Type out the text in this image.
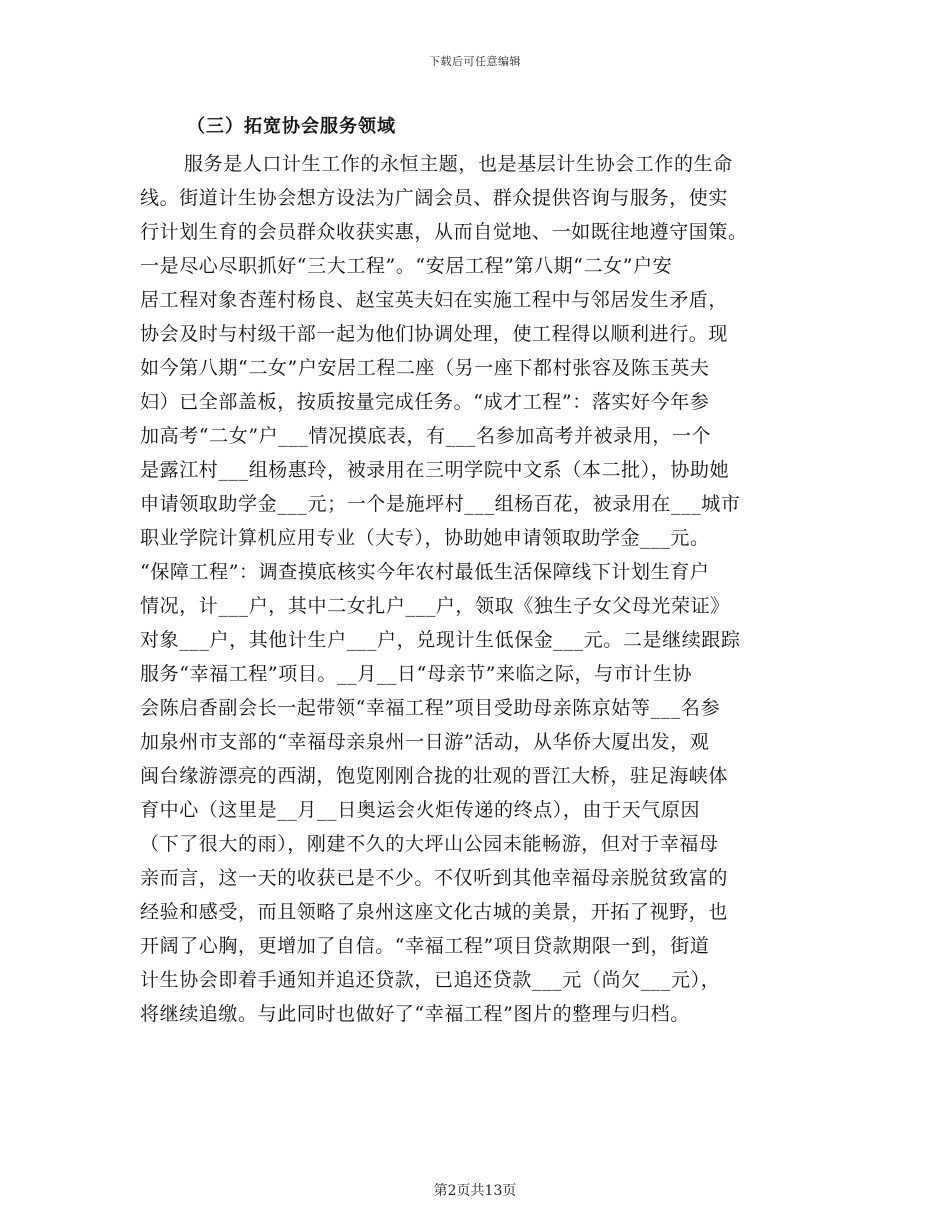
下载后可任意编辑
（三）拓宽协会服务领域
服务是人口计生工作的永恒主题，也是基层计生协会工作的生命
线。街道计生协会想方设法为广阔会员、群众提供咨询与服务，使实
行计划生育的会员群众收获实惠，从而自觉地、一如既往地遵守国策。
一是尽心尽职抓好“三大工程”。“安居工程”第八期“二女”户安
居工程对象杏莲村杨良、赵宝英夫妇在实施工程中与邻居发生矛盾，
协会及时与村级干部一起为他们协调处理，使工程得以顺利进行。现
如今第八期“二女”户安居工程二座（另一座下都村张容及陈玉英夫
妇）已全部盖板，按质按量完成任务。“成才工程”：落实好今年参
加高考“二女”户___情况摸底表，有___名参加高考并被录用，一个
是露江村___组杨惠玲，被录用在三明学院中文系（本二批），协助她
申请领取助学金___元；一个是施坪村___组杨百花，被录用在___城市
职业学院计算机应用专业（大专），协助她申请领取助学金___元。
“保障工程”：调查摸底核实今年农村最低生活保障线下计划生育户
情况，计___户，其中二女扎户___户，领取《独生子女父母光荣证》
对象___户，其他计生户___户，兑现计生低保金___元。二是继续跟踪
服务“幸福工程”项目。__月__日“母亲节”来临之际，与市计生协
会陈启香副会长一起带领“幸福工程”项目受助母亲陈京姑等___名参
加泉州市支部的“幸福母亲泉州一日游”活动，从华侨大厦出发，观
闽台缘游漂亮的西湖，饱览刚刚合拢的壮观的晋江大桥，驻足海峡体
育中心（这里是__月__日奥运会火炬传递的终点），由于天气原因
（下了很大的雨），刚建不久的大坪山公园未能畅游，但对于幸福母
亲而言，这一天的收获已是不少。不仅听到其他幸福母亲脱贫致富的
经验和感受，而且领略了泉州这座文化古城的美景，开拓了视野，也
开阔了心胸，更增加了自信。“幸福工程”项目贷款期限一到，街道
计生协会即着手通知并追还贷款，已追还贷款___元（尚欠___元），
将继续追缴。与此同时也做好了“幸福工程”图片的整理与归档。
第2页共13页
